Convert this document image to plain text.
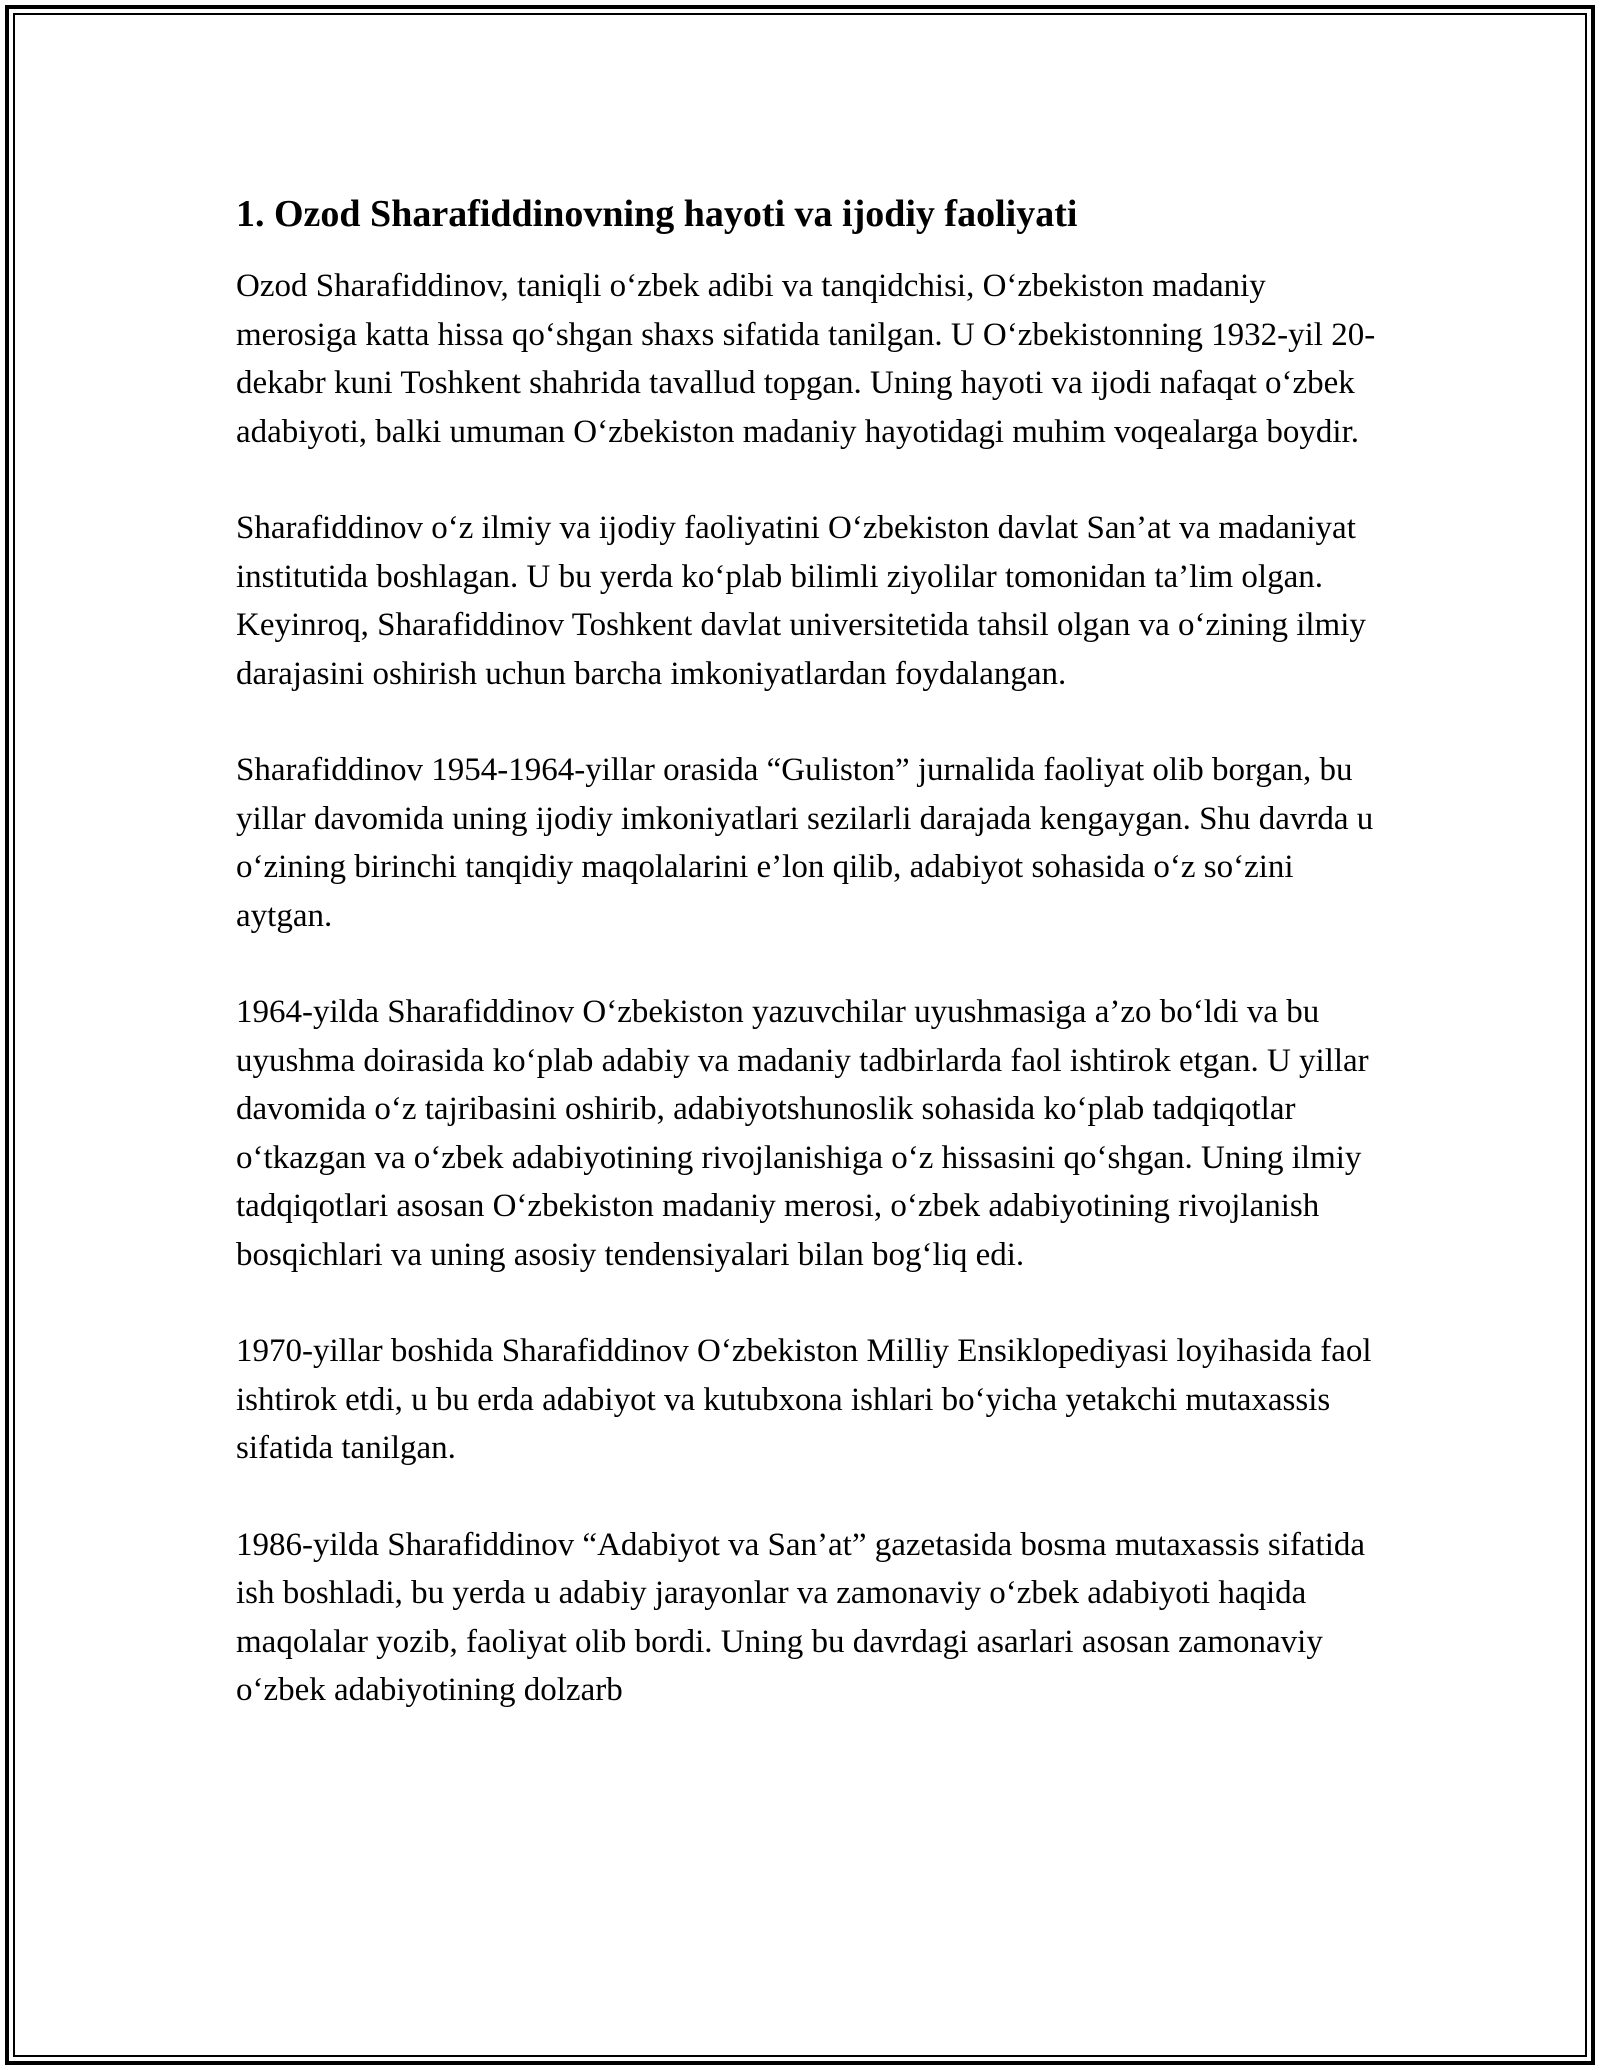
1. Ozod Sharafiddinovning hayoti va ijodiy faoliyati

Ozod Sharafiddinov, taniqli o‘zbek adibi va tanqidchisi, O‘zbekiston madaniy merosiga katta hissa qo‘shgan shaxs sifatida tanilgan. U O‘zbekistonning 1932-yil 20-dekabr kuni Toshkent shahrida tavallud topgan. Uning hayoti va ijodi nafaqat o‘zbek adabiyoti, balki umuman O‘zbekiston madaniy hayotidagi muhim voqealarga boydir.

Sharafiddinov o‘z ilmiy va ijodiy faoliyatini O‘zbekiston davlat San’at va madaniyat institutida boshlagan. U bu yerda ko‘plab bilimli ziyolilar tomonidan ta’lim olgan. Keyinroq, Sharafiddinov Toshkent davlat universitetida tahsil olgan va o‘zining ilmiy darajasini oshirish uchun barcha imkoniyatlardan foydalangan.

Sharafiddinov 1954-1964-yillar orasida “Guliston” jurnalida faoliyat olib borgan, bu yillar davomida uning ijodiy imkoniyatlari sezilarli darajada kengaygan. Shu davrda u o‘zining birinchi tanqidiy maqolalarini e’lon qilib, adabiyot sohasida o‘z so‘zini aytgan.

1964-yilda Sharafiddinov O‘zbekiston yazuvchilar uyushmasiga a’zo bo‘ldi va bu uyushma doirasida ko‘plab adabiy va madaniy tadbirlarda faol ishtirok etgan. U yillar davomida o‘z tajribasini oshirib, adabiyotshunoslik sohasida ko‘plab tadqiqotlar o‘tkazgan va o‘zbek adabiyotining rivojlanishiga o‘z hissasini qo‘shgan. Uning ilmiy tadqiqotlari asosan O‘zbekiston madaniy merosi, o‘zbek adabiyotining rivojlanish bosqichlari va uning asosiy tendensiyalari bilan bog‘liq edi.

1970-yillar boshida Sharafiddinov O‘zbekiston Milliy Ensiklopediyasi loyihasida faol ishtirok etdi, u bu erda adabiyot va kutubxona ishlari bo‘yicha yetakchi mutaxassis sifatida tanilgan.

1986-yilda Sharafiddinov “Adabiyot va San’at” gazetasida bosma mutaxassis sifatida ish boshladi, bu yerda u adabiy jarayonlar va zamonaviy o‘zbek adabiyoti haqida maqolalar yozib, faoliyat olib bordi. Uning bu davrdagi asarlari asosan zamonaviy o‘zbek adabiyotining dolzarb
